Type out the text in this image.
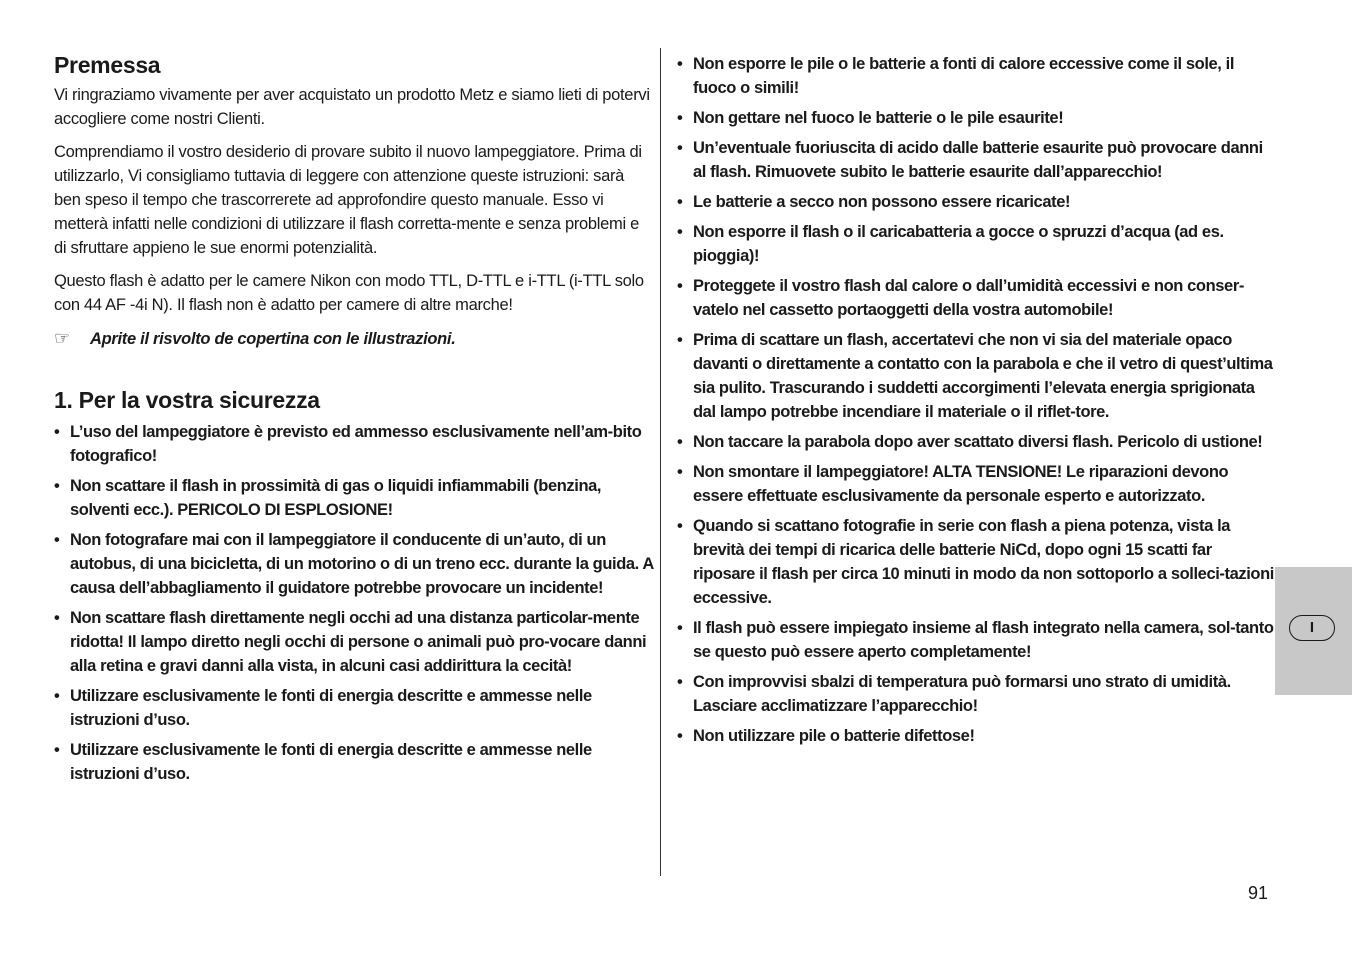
Premessa

Vi ringraziamo vivamente per aver acquistato un prodotto Metz e siamo lieti di potervi accogliere come nostri Clienti.

Comprendiamo il vostro desiderio di provare subito il nuovo lampeggiatore. Prima di utilizzarlo, Vi consigliamo tuttavia di leggere con attenzione queste istruzioni: sarà ben speso il tempo che trascorrerete ad approfondire questo manuale. Esso vi metterà infatti nelle condizioni di utilizzare il flash corretta-mente e senza problemi e di sfruttare appieno le sue enormi potenzialità.

Questo flash è adatto per le camere Nikon con modo TTL, D-TTL e i-TTL (i-TTL solo con 44 AF -4i N). Il flash non è adatto per camere di altre marche!

☞	Aprite il risvolto de copertina con le illustrazioni.
1. Per la vostra sicurezza
• L’uso del lampeggiatore è previsto ed ammesso esclusivamente nell’am-bito fotografico!
• Non scattare il flash in prossimità di gas o liquidi infiammabili (benzina, solventi ecc.). PERICOLO DI ESPLOSIONE!
• Non fotografare mai con il lampeggiatore il conducente di un’auto, di un autobus, di una bicicletta, di un motorino o di un treno ecc. durante la guida. A causa dell’abbagliamento il guidatore potrebbe provocare un incidente!
• Non scattare flash direttamente negli occhi ad una distanza particolar-mente ridotta! Il lampo diretto negli occhi di persone o animali può pro-vocare danni alla retina e gravi danni alla vista, in alcuni casi addirittura la cecità!
• Utilizzare esclusivamente le fonti di energia descritte e ammesse nelle istruzioni d’uso.
• Utilizzare esclusivamente le fonti di energia descritte e ammesse nelle istruzioni d’uso.
• Non esporre le pile o le batterie a fonti di calore eccessive come il sole, il fuoco o simili!
• Non gettare nel fuoco le batterie o le pile esaurite!
• Un’eventuale fuoriuscita di acido dalle batterie esaurite può provocare danni al flash. Rimuovete subito le batterie esaurite dall’apparecchio!
• Le batterie a secco non possono essere ricaricate!
• Non esporre il flash o il caricabatteria a gocce o spruzzi d’acqua (ad es. pioggia)!
• Proteggete il vostro flash dal calore o dall’umidità eccessivi e non conser-vatelo nel cassetto portaoggetti della vostra automobile!
• Prima di scattare un flash, accertatevi che non vi sia del materiale opaco davanti o direttamente a contatto con la parabola e che il vetro di quest’ultima sia pulito. Trascurando i suddetti accorgimenti l’elevata energia sprigionata dal lampo potrebbe incendiare il materiale o il riflet-tore.
• Non taccare la parabola dopo aver scattato diversi flash. Pericolo di ustione!
• Non smontare il lampeggiatore! ALTA TENSIONE! Le riparazioni devono essere effettuate esclusivamente da personale esperto e autorizzato.
• Quando si scattano fotografie in serie con flash a piena potenza, vista la brevità dei tempi di ricarica delle batterie NiCd, dopo ogni 15 scatti far riposare il flash per circa 10 minuti in modo da non sottoporlo a solleci-tazioni eccessive.
• Il flash può essere impiegato insieme al flash integrato nella camera, sol-tanto se questo può essere aperto completamente!
• Con improvvisi sbalzi di temperatura può formarsi uno strato di umidità. Lasciare acclimatizzare l’apparecchio!
• Non utilizzare pile o batterie difettose!
I
91
